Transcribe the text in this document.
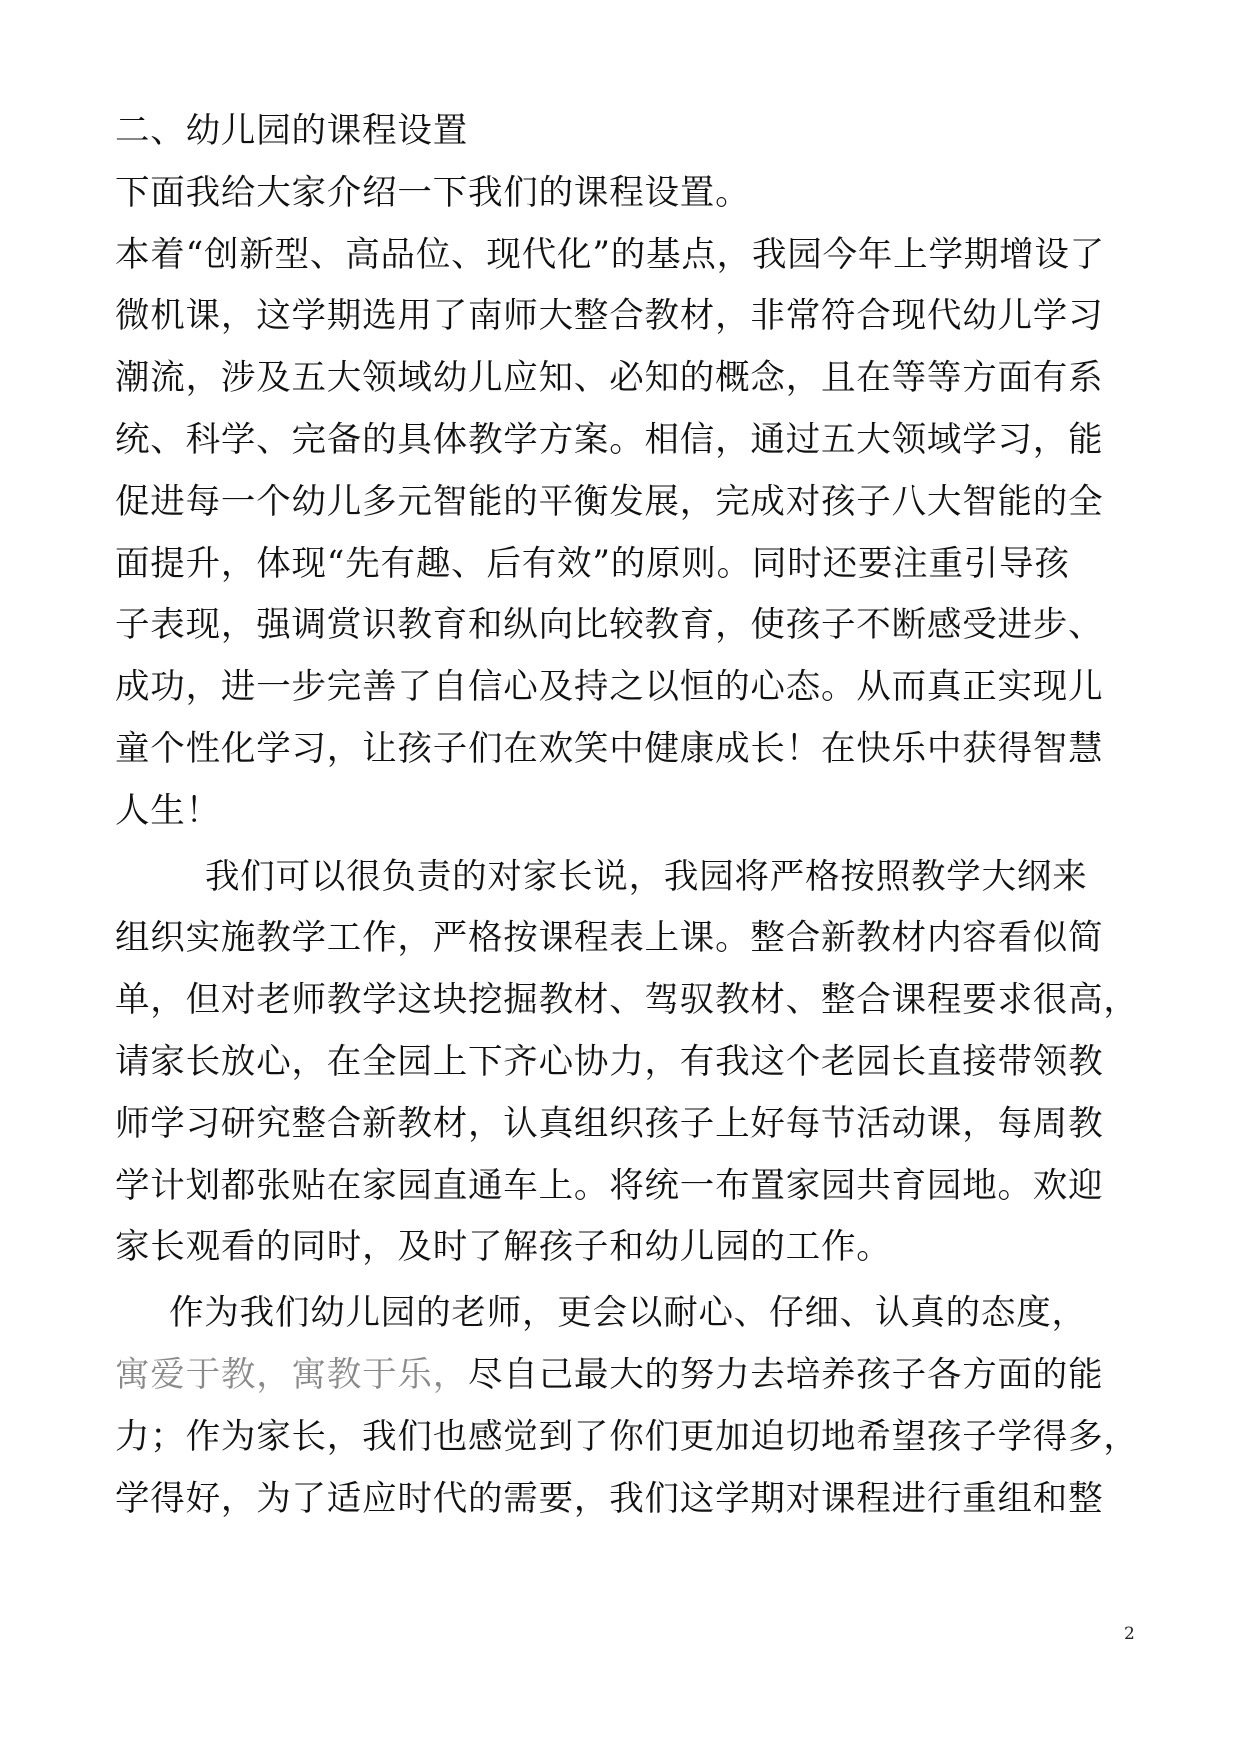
二、幼儿园的课程设置
下面我给大家介绍一下我们的课程设置。
本着“创新型、高品位、现代化”的基点，我园今年上学期增设了
微机课，这学期选用了南师大整合教材，非常符合现代幼儿学习
潮流，涉及五大领域幼儿应知、必知的概念，且在等等方面有系
统、科学、完备的具体教学方案。相信，通过五大领域学习，能
促进每一个幼儿多元智能的平衡发展，完成对孩子八大智能的全
面提升，体现“先有趣、后有效”的原则。同时还要注重引导孩
子表现，强调赏识教育和纵向比较教育，使孩子不断感受进步、
成功，进一步完善了自信心及持之以恒的心态。从而真正实现儿
童个性化学习，让孩子们在欢笑中健康成长！在快乐中获得智慧
人生！
我们可以很负责的对家长说，我园将严格按照教学大纲来
组织实施教学工作，严格按课程表上课。整合新教材内容看似简
单，但对老师教学这块挖掘教材、驾驭教材、整合课程要求很高，
请家长放心，在全园上下齐心协力，有我这个老园长直接带领教
师学习研究整合新教材，认真组织孩子上好每节活动课，每周教
学计划都张贴在家园直通车上。将统一布置家园共育园地。欢迎
家长观看的同时，及时了解孩子和幼儿园的工作。
作为我们幼儿园的老师，更会以耐心、仔细、认真的态度，
寓爱于教，寓教于乐，尽自己最大的努力去培养孩子各方面的能
力；作为家长，我们也感觉到了你们更加迫切地希望孩子学得多，
学得好，为了适应时代的需要，我们这学期对课程进行重组和整
2
